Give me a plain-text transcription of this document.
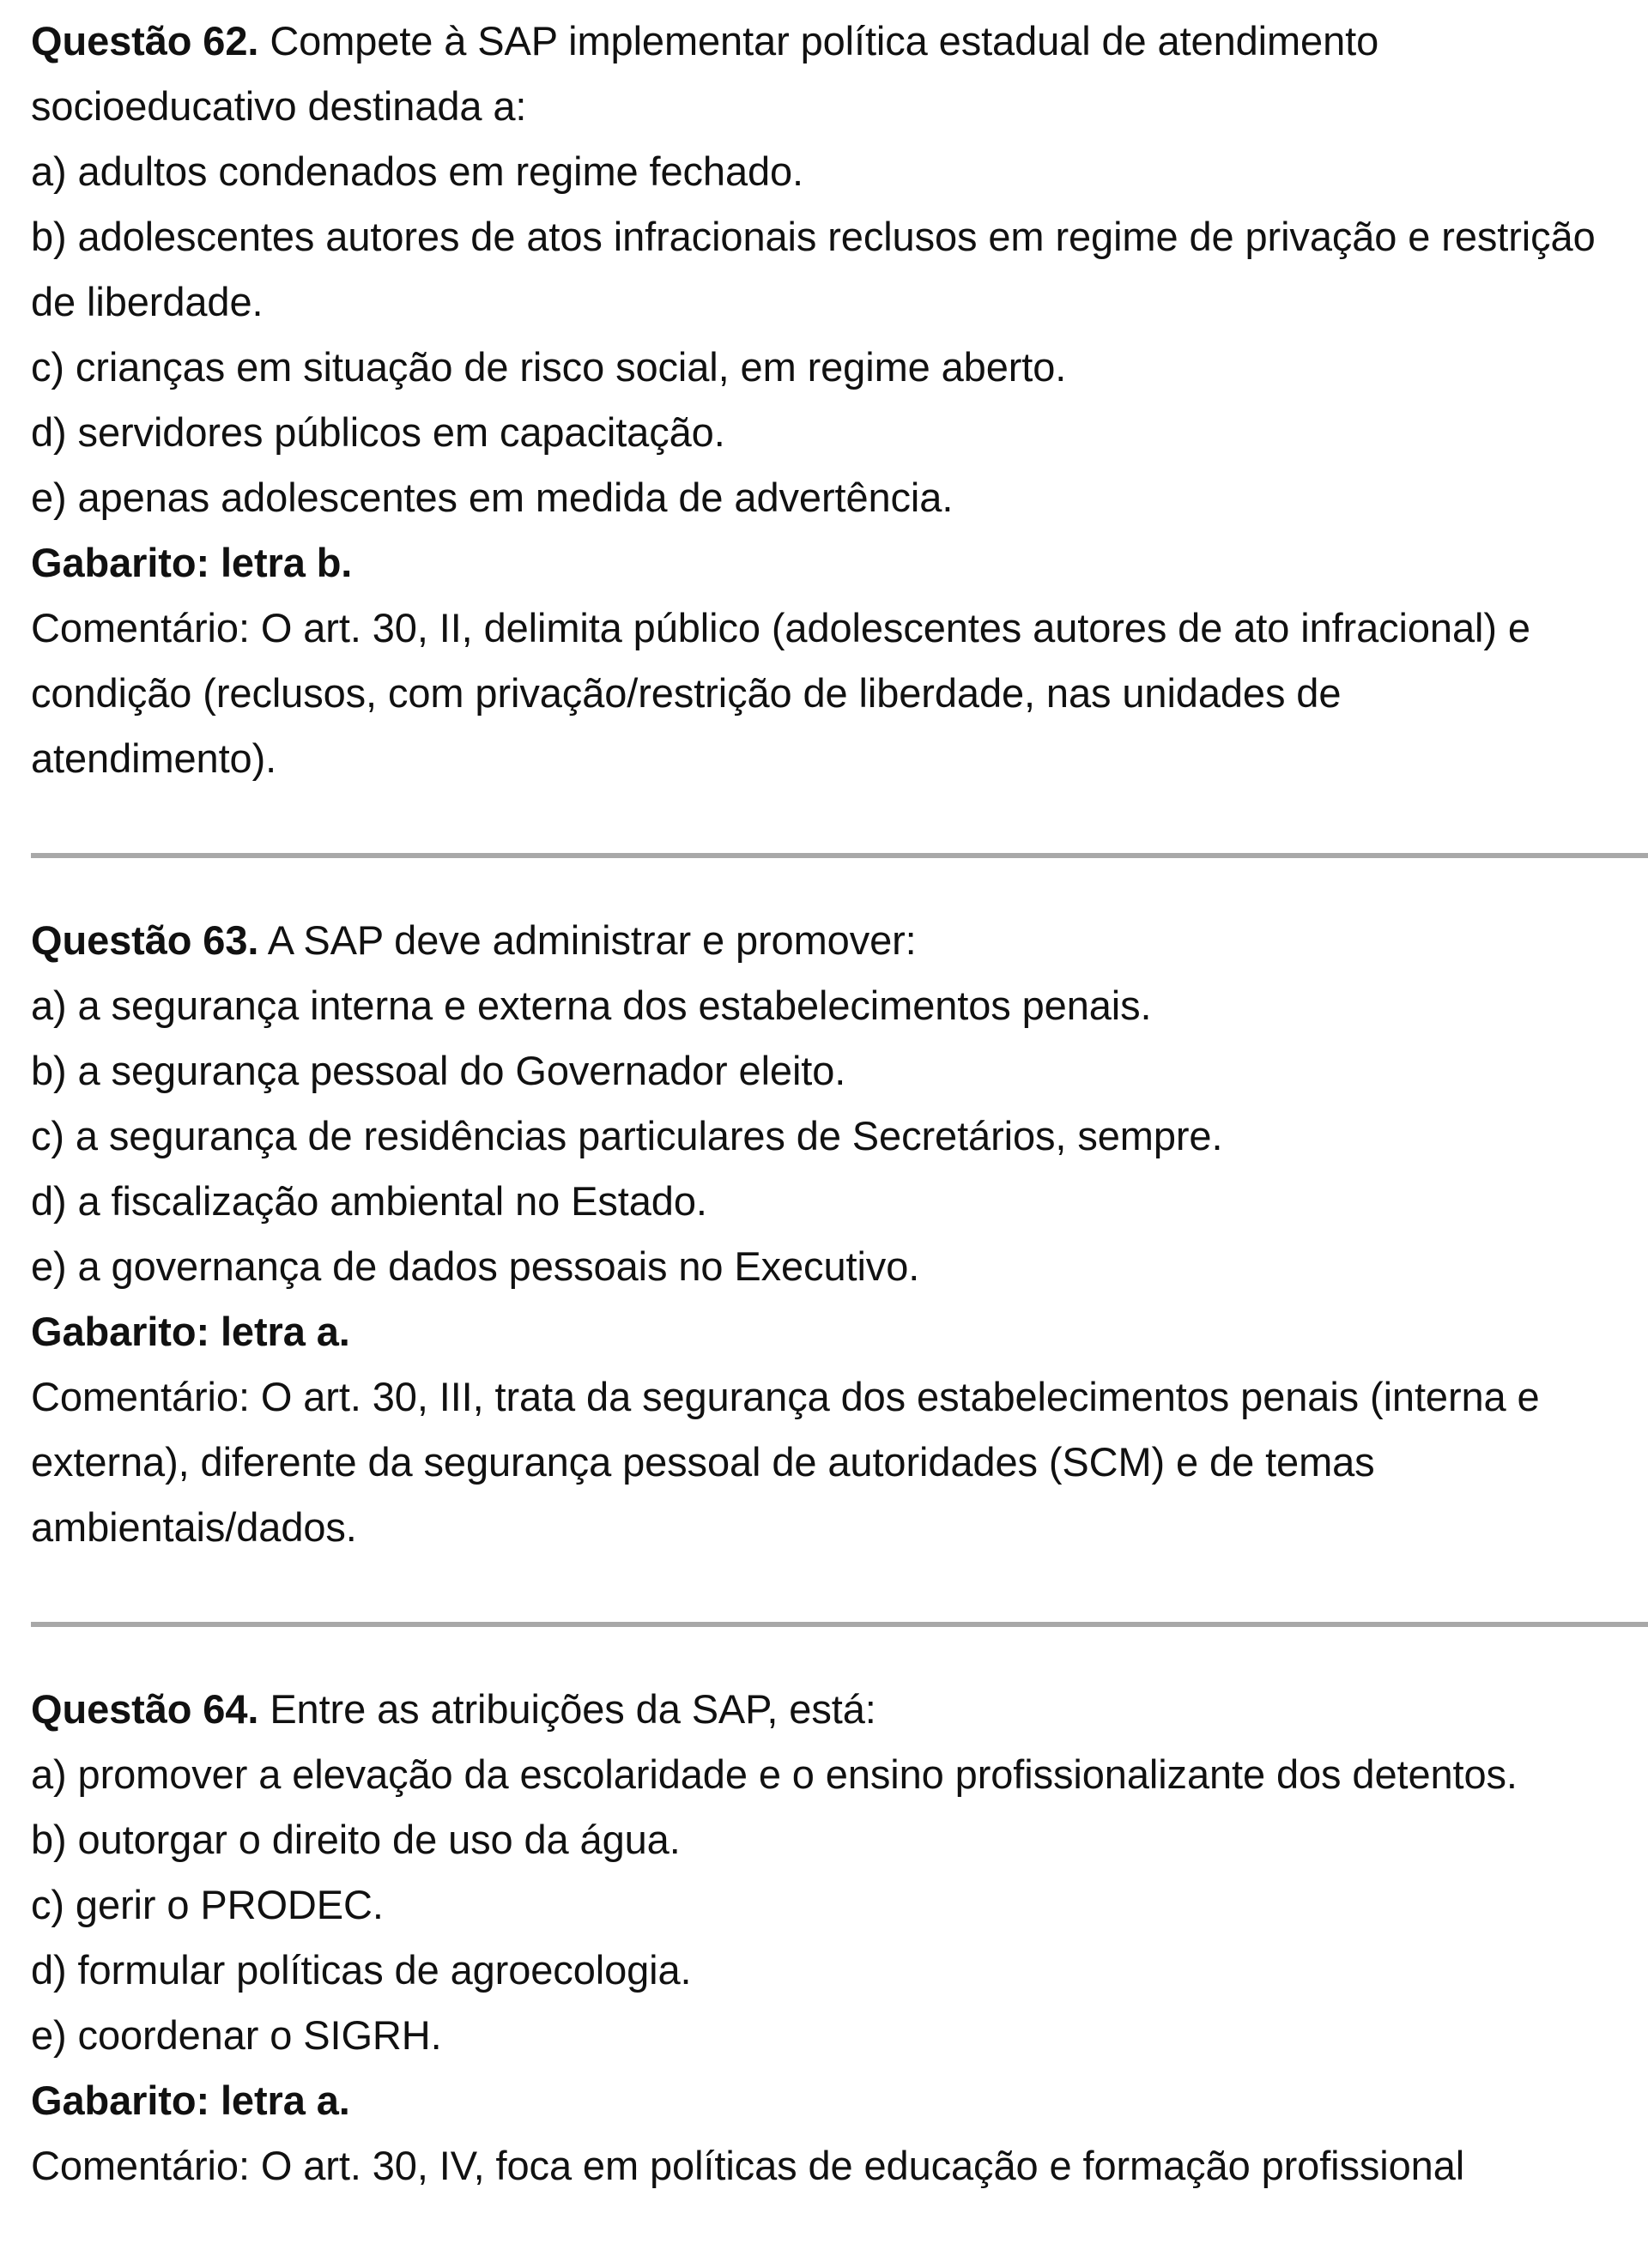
Questão 62. Compete à SAP implementar política estadual de atendimento socioeducativo destinada a:

a) adultos condenados em regime fechado.

b) adolescentes autores de atos infracionais reclusos em regime de privação e restrição de liberdade.

c) crianças em situação de risco social, em regime aberto.

d) servidores públicos em capacitação.

e) apenas adolescentes em medida de advertência.

Gabarito: letra b.

Comentário: O art. 30, II, delimita público (adolescentes autores de ato infracional) e condição (reclusos, com privação/restrição de liberdade, nas unidades de atendimento).

Questão 63. A SAP deve administrar e promover:

a) a segurança interna e externa dos estabelecimentos penais.

b) a segurança pessoal do Governador eleito.

c) a segurança de residências particulares de Secretários, sempre.

d) a fiscalização ambiental no Estado.

e) a governança de dados pessoais no Executivo.

Gabarito: letra a.

Comentário: O art. 30, III, trata da segurança dos estabelecimentos penais (interna e externa), diferente da segurança pessoal de autoridades (SCM) e de temas ambientais/dados.

Questão 64. Entre as atribuições da SAP, está:

a) promover a elevação da escolaridade e o ensino profissionalizante dos detentos.

b) outorgar o direito de uso da água.

c) gerir o PRODEC.

d) formular políticas de agroecologia.

e) coordenar o SIGRH.

Gabarito: letra a.

Comentário: O art. 30, IV, foca em políticas de educação e formação profissional
